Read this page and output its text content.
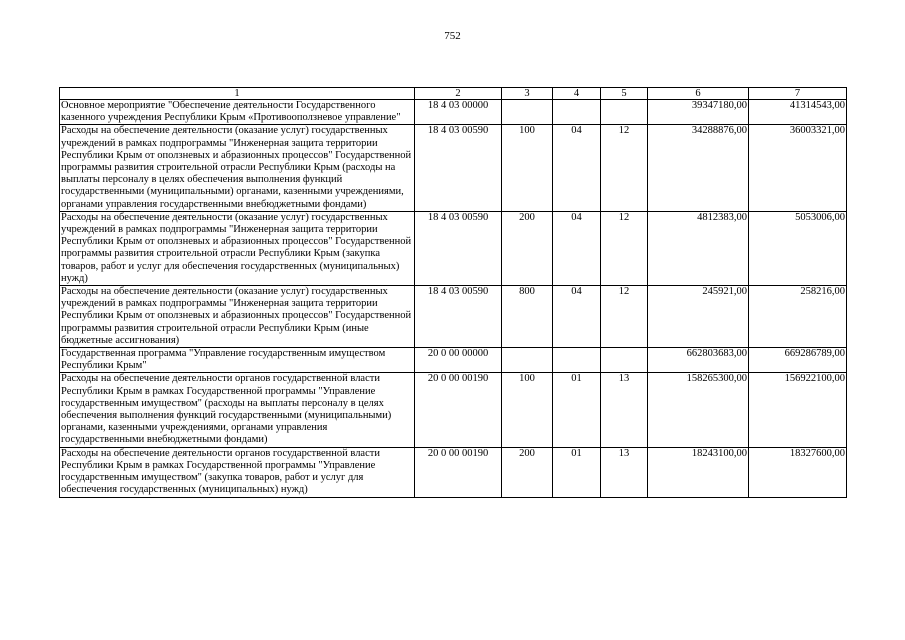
752
1	2	3	4	5	6	7
Основное мероприятие "Обеспечение деятельности Государственного казенного учреждения Республики Крым «Противооползневое управление"	18 4 03 00000				39347180,00	41314543,00
Расходы на обеспечение деятельности (оказание услуг) государственных учреждений в рамках подпрограммы "Инженерная защита территории Республики Крым от оползневых и абразионных процессов" Государственной программы развития строительной отрасли Республики Крым (расходы на выплаты персоналу в целях обеспечения выполнения функций государственными (муниципальными) органами, казенными учреждениями, органами управления государственными внебюджетными фондами)	18 4 03 00590	100	04	12	34288876,00	36003321,00
Расходы на обеспечение деятельности (оказание услуг) государственных учреждений в рамках подпрограммы "Инженерная защита территории Республики Крым от оползневых и абразионных процессов" Государственной программы развития строительной отрасли Республики Крым (закупка товаров, работ и услуг для обеспечения государственных (муниципальных) нужд)	18 4 03 00590	200	04	12	4812383,00	5053006,00
Расходы на обеспечение деятельности (оказание услуг) государственных учреждений в рамках подпрограммы "Инженерная защита территории Республики Крым от оползневых и абразионных процессов" Государственной программы развития строительной отрасли Республики Крым (иные бюджетные ассигнования)	18 4 03 00590	800	04	12	245921,00	258216,00
Государственная программа "Управление государственным имуществом Республики Крым"	20 0 00 00000				662803683,00	669286789,00
Расходы на обеспечение деятельности органов государственной власти Республики Крым в рамках Государственной программы "Управление государственным имуществом" (расходы на выплаты персоналу в целях обеспечения выполнения функций государственными (муниципальными) органами, казенными учреждениями, органами управления государственными внебюджетными фондами)	20 0 00 00190	100	01	13	158265300,00	156922100,00
Расходы на обеспечение деятельности органов государственной власти Республики Крым в рамках Государственной программы "Управление государственным имуществом" (закупка товаров, работ и услуг для обеспечения государственных (муниципальных) нужд)	20 0 00 00190	200	01	13	18243100,00	18327600,00
